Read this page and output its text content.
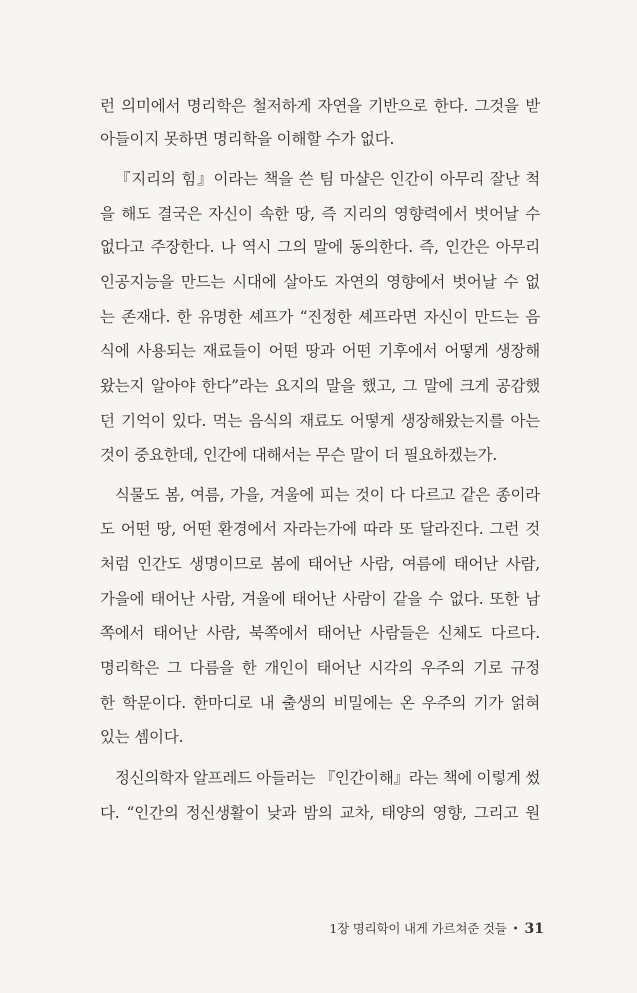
런 의미에서 명리학은 철저하게 자연을 기반으로 한다. 그것을 받

아들이지 못하면 명리학을 이해할 수가 없다.

『지리의 힘』이라는 책을 쓴 팀 마샬은 인간이 아무리 잘난 척

을 해도 결국은 자신이 속한 땅, 즉 지리의 영향력에서 벗어날 수

없다고 주장한다. 나 역시 그의 말에 동의한다. 즉, 인간은 아무리

인공지능을 만드는 시대에 살아도 자연의 영향에서 벗어날 수 없

는 존재다. 한 유명한 셰프가 “진정한 셰프라면 자신이 만드는 음

식에 사용되는 재료들이 어떤 땅과 어떤 기후에서 어떻게 생장해

왔는지 알아야 한다”라는 요지의 말을 했고, 그 말에 크게 공감했

던 기억이 있다. 먹는 음식의 재료도 어떻게 생장해왔는지를 아는

것이 중요한데, 인간에 대해서는 무슨 말이 더 필요하겠는가.

식물도 봄, 여름, 가을, 겨울에 피는 것이 다 다르고 같은 종이라

도 어떤 땅, 어떤 환경에서 자라는가에 따라 또 달라진다. 그런 것

처럼 인간도 생명이므로 봄에 태어난 사람, 여름에 태어난 사람,

가을에 태어난 사람, 겨울에 태어난 사람이 같을 수 없다. 또한 남

쪽에서 태어난 사람, 북쪽에서 태어난 사람들은 신체도 다르다.

명리학은 그 다름을 한 개인이 태어난 시각의 우주의 기로 규정

한 학문이다. 한마디로 내 출생의 비밀에는 온 우주의 기가 얽혀

있는 셈이다.

정신의학자 알프레드 아들러는 『인간이해』라는 책에 이렇게 썼

다. “인간의 정신생활이 낮과 밤의 교차, 태양의 영향, 그리고 원

1장 명리학이 내게 가르쳐준 것들 • 31
